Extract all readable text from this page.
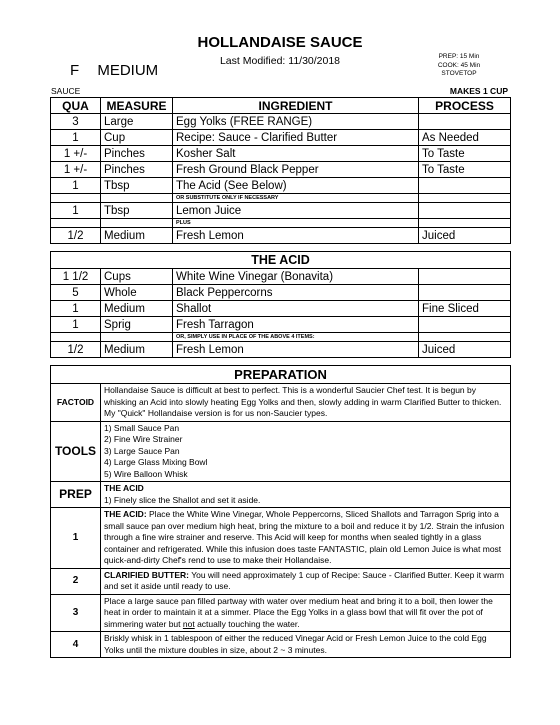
HOLLANDAISE SAUCE
Last Modified: 11/30/2018
F MEDIUM
PREP: 15 Min
COOK: 45 Min
STOVETOP
SAUCE	MAKES 1 CUP
QUA	MEASURE	INGREDIENT	PROCESS
3	Large	Egg Yolks (FREE RANGE)	
1	Cup	Recipe: Sauce - Clarified Butter	As Needed
1 +/-	Pinches	Kosher Salt	To Taste
1 +/-	Pinches	Fresh Ground Black Pepper	To Taste
1	Tbsp	The Acid (See Below)	
		OR SUBSTITUTE ONLY IF NECESSARY	
1	Tbsp	Lemon Juice	
		PLUS	
1/2	Medium	Fresh Lemon	Juiced
THE ACID			
1 1/2	Cups	White Wine Vinegar (Bonavita)	
5	Whole	Black Peppercorns	
1	Medium	Shallot	Fine Sliced
1	Sprig	Fresh Tarragon	
		OR, SIMPLY USE IN PLACE OF THE ABOVE 4 ITEMS:	
1/2	Medium	Fresh Lemon	Juiced
PREPARATION	
FACTOID	Hollandaise Sauce is difficult at best to perfect. This is a wonderful Saucier Chef test. It is begun by whisking an Acid into slowly heating Egg Yolks and then, slowly adding in warm Clarified Butter to thicken. My "Quick" Hollandaise version is for us non-Saucier types.
TOOLS	1) Small Sauce Pan
2) Fine Wire Strainer
3) Large Sauce Pan
4) Large Glass Mixing Bowl
5) Wire Balloon Whisk

PREP	THE ACID
1) Finely slice the Shallot and set it aside.

1	THE ACID: Place the White Wine Vinegar, Whole Peppercorns, Sliced Shallots and Tarragon Sprig into a small sauce pan over medium high heat, bring the mixture to a boil and reduce it by 1/2. Strain the infusion through a fine wire strainer and reserve. This Acid will keep for months when sealed tightly in a glass container and refrigerated. While this infusion does taste FANTASTIC, plain old Lemon Juice is what most quick-and-dirty Chef's rend to use to make their Hollandaise.
2	CLARIFIED BUTTER: You will need approximately 1 cup of Recipe: Sauce - Clarified Butter. Keep it warm and set it aside until ready to use.
3	Place a large sauce pan filled partway with water over medium heat and bring it to a boil, then lower the heat in order to maintain it at a simmer. Place the Egg Yolks in a glass bowl that will fit over the pot of simmering water but not actually touching the water.
4	Briskly whisk in 1 tablespoon of either the reduced Vinegar Acid or Fresh Lemon Juice to the cold Egg Yolks until the mixture doubles in size, about 2 ~ 3 minutes.
